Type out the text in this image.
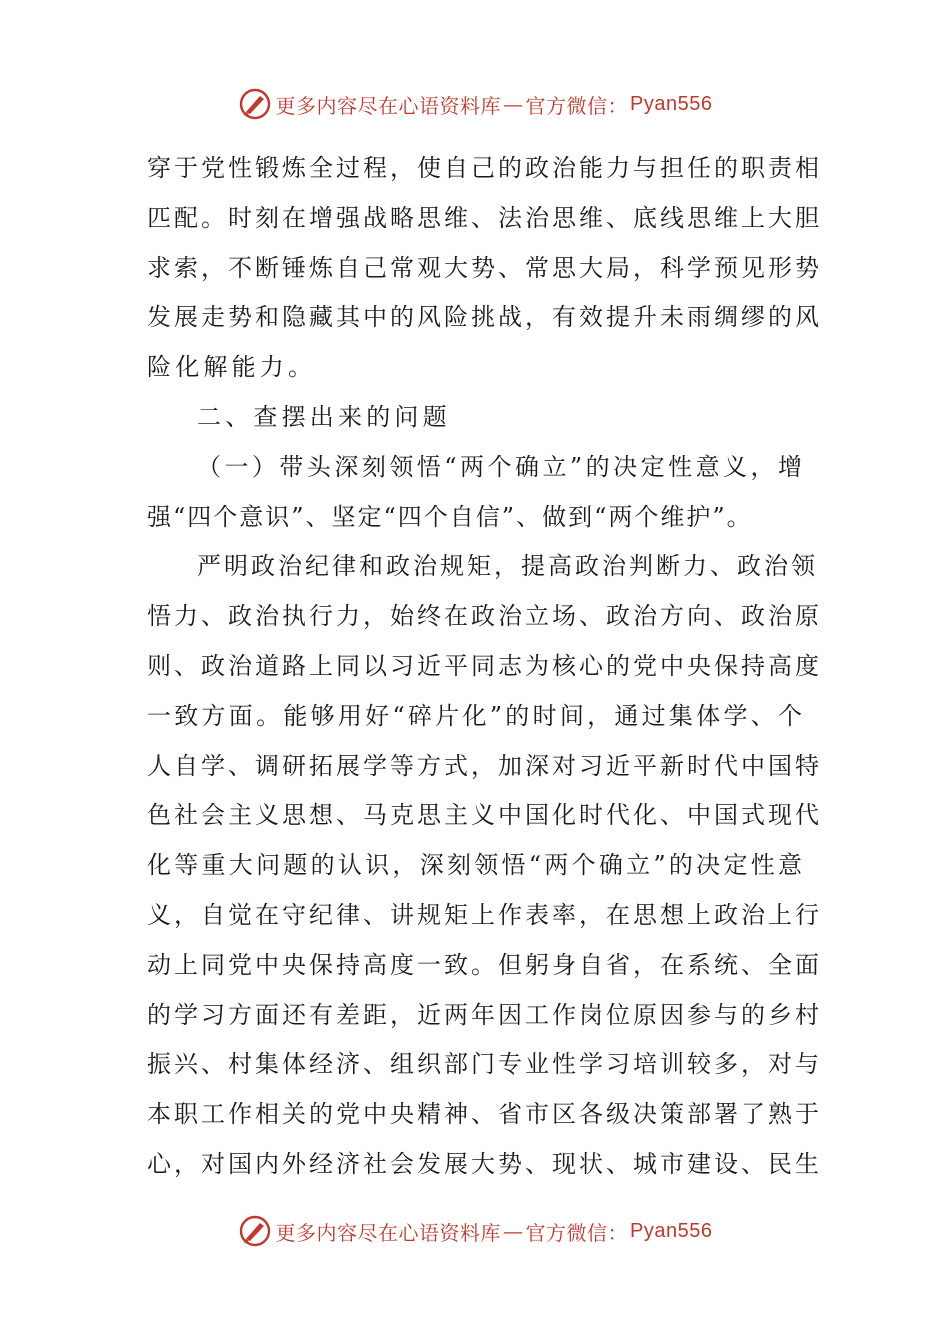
更多内容尽在心语资料库 — 官方微信： Pyan556
穿于党性锻炼全过程，使自己的政治能力与担任的职责相
匹配。时刻在增强战略思维、法治思维、底线思维上大胆
求索，不断锤炼自己常观大势、常思大局，科学预见形势
发展走势和隐藏其中的风险挑战，有效提升未雨绸缪的风
险化解能力。
二、查摆出来的问题
（一）带头深刻领悟“两个确立”的决定性意义，增
强“四个意识”、坚定“四个自信”、做到“两个维护”。
严明政治纪律和政治规矩，提高政治判断力、政治领
悟力、政治执行力，始终在政治立场、政治方向、政治原
则、政治道路上同以习近平同志为核心的党中央保持高度
一致方面。能够用好“碎片化”的时间，通过集体学、个
人自学、调研拓展学等方式，加深对习近平新时代中国特
色社会主义思想、马克思主义中国化时代化、中国式现代
化等重大问题的认识，深刻领悟“两个确立”的决定性意
义，自觉在守纪律、讲规矩上作表率，在思想上政治上行
动上同党中央保持高度一致。但躬身自省，在系统、全面
的学习方面还有差距，近两年因工作岗位原因参与的乡村
振兴、村集体经济、组织部门专业性学习培训较多，对与
本职工作相关的党中央精神、省市区各级决策部署了熟于
心，对国内外经济社会发展大势、现状、城市建设、民生
更多内容尽在心语资料库 — 官方微信： Pyan556
